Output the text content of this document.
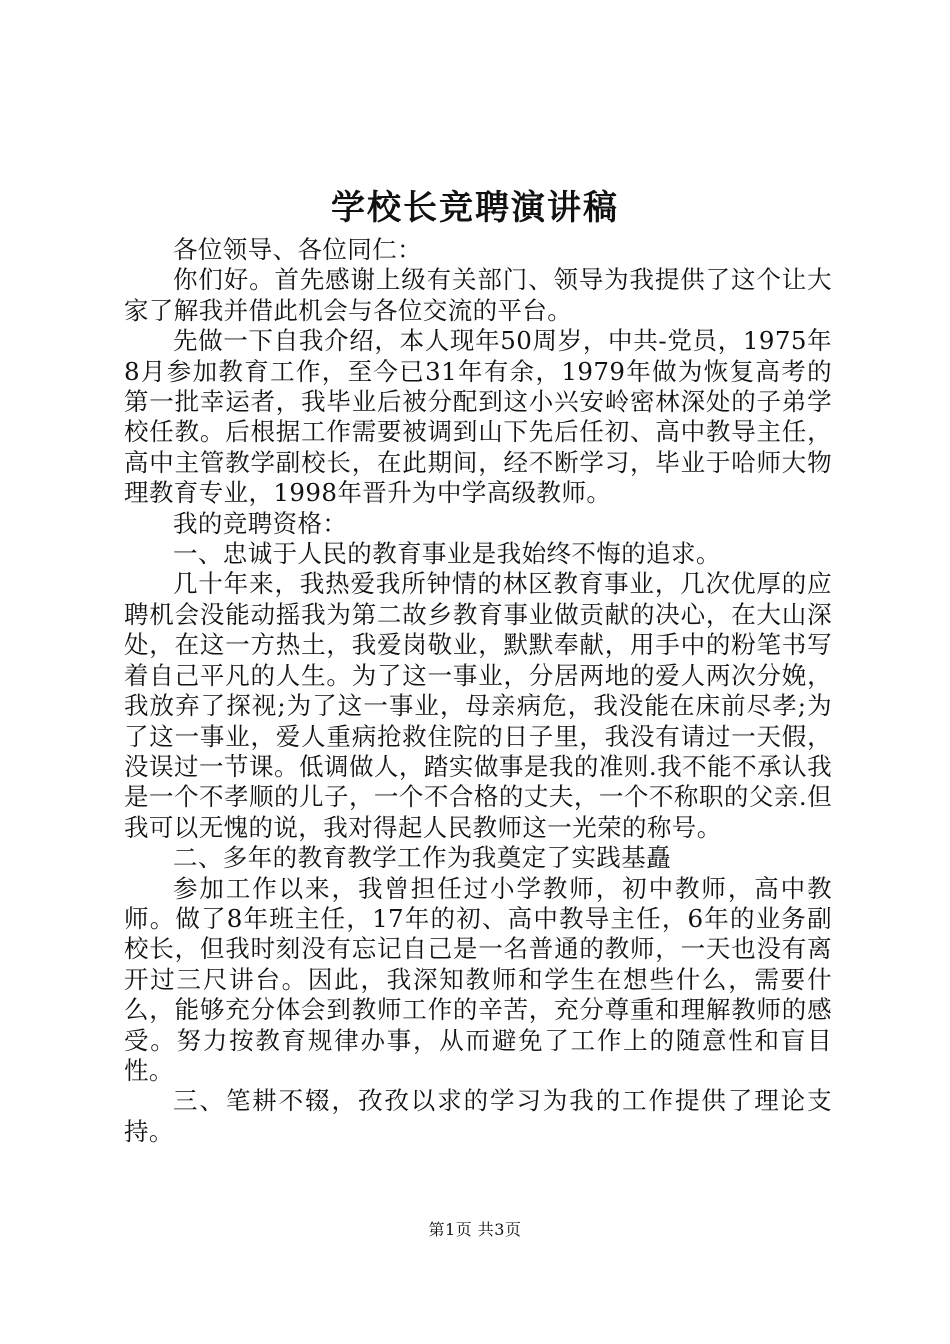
学校长竞聘演讲稿

各位领导、各位同仁：

你们好。首先感谢上级有关部门、领导为我提供了这个让大家了解我并借此机会与各位交流的平台。

先做一下自我介绍，本人现年50周岁，中共-党员，1975年8月参加教育工作，至今已31年有余，1979年做为恢复高考的第一批幸运者，我毕业后被分配到这小兴安岭密林深处的子弟学校任教。后根据工作需要被调到山下先后任初、高中教导主任，高中主管教学副校长，在此期间，经不断学习，毕业于哈师大物理教育专业，1998年晋升为中学高级教师。

我的竞聘资格：

一、忠诚于人民的教育事业是我始终不悔的追求。

几十年来，我热爱我所钟情的林区教育事业，几次优厚的应聘机会没能动摇我为第二故乡教育事业做贡献的决心，在大山深处，在这一方热土，我爱岗敬业，默默奉献，用手中的粉笔书写着自己平凡的人生。为了这一事业，分居两地的爱人两次分娩，我放弃了探视;为了这一事业，母亲病危，我没能在床前尽孝;为了这一事业，爱人重病抢救住院的日子里，我没有请过一天假，没误过一节课。低调做人，踏实做事是我的准则.我不能不承认我是一个不孝顺的儿子，一个不合格的丈夫，一个不称职的父亲.但我可以无愧的说，我对得起人民教师这一光荣的称号。

二、多年的教育教学工作为我奠定了实践基矗

参加工作以来，我曾担任过小学教师，初中教师，高中教师。做了8年班主任，17年的初、高中教导主任，6年的业务副校长，但我时刻没有忘记自己是一名普通的教师，一天也没有离开过三尺讲台。因此，我深知教师和学生在想些什么，需要什么，能够充分体会到教师工作的辛苦，充分尊重和理解教师的感受。努力按教育规律办事，从而避免了工作上的随意性和盲目性。

三、笔耕不辍，孜孜以求的学习为我的工作提供了理论支持。

第1页 共3页
